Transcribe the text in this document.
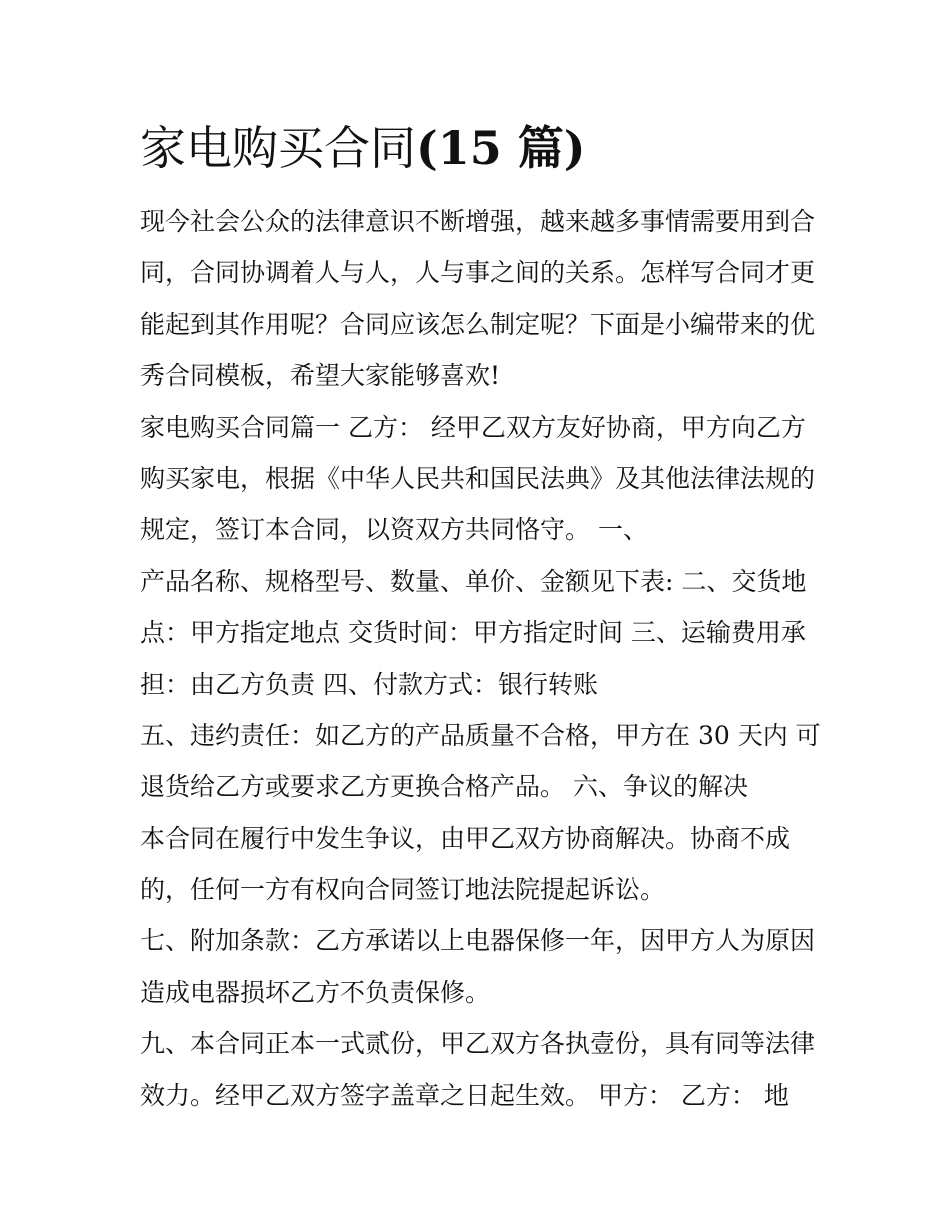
家电购买合同(15 篇)
现今社会公众的法律意识不断增强，越来越多事情需要用到合
同，合同协调着人与人，人与事之间的关系。怎样写合同才更
能起到其作用呢？合同应该怎么制定呢？下面是小编带来的优
秀合同模板，希望大家能够喜欢!
家电购买合同篇一 乙方： 经甲乙双方友好协商，甲方向乙方
购买家电，根据《中华人民共和国民法典》及其他法律法规的
规定，签订本合同，以资双方共同恪守。 一、
产品名称、规格型号、数量、单价、金额见下表: 二、交货地
点：甲方指定地点 交货时间：甲方指定时间 三、运输费用承
担：由乙方负责 四、付款方式：银行转账
五、违约责任：如乙方的产品质量不合格，甲方在 30 天内 可
退货给乙方或要求乙方更换合格产品。 六、争议的解决
本合同在履行中发生争议，由甲乙双方协商解决。协商不成
的，任何一方有权向合同签订地法院提起诉讼。
七、附加条款：乙方承诺以上电器保修一年，因甲方人为原因
造成电器损坏乙方不负责保修。
九、本合同正本一式贰份，甲乙双方各执壹份，具有同等法律
效力。经甲乙双方签字盖章之日起生效。 甲方： 乙方： 地
